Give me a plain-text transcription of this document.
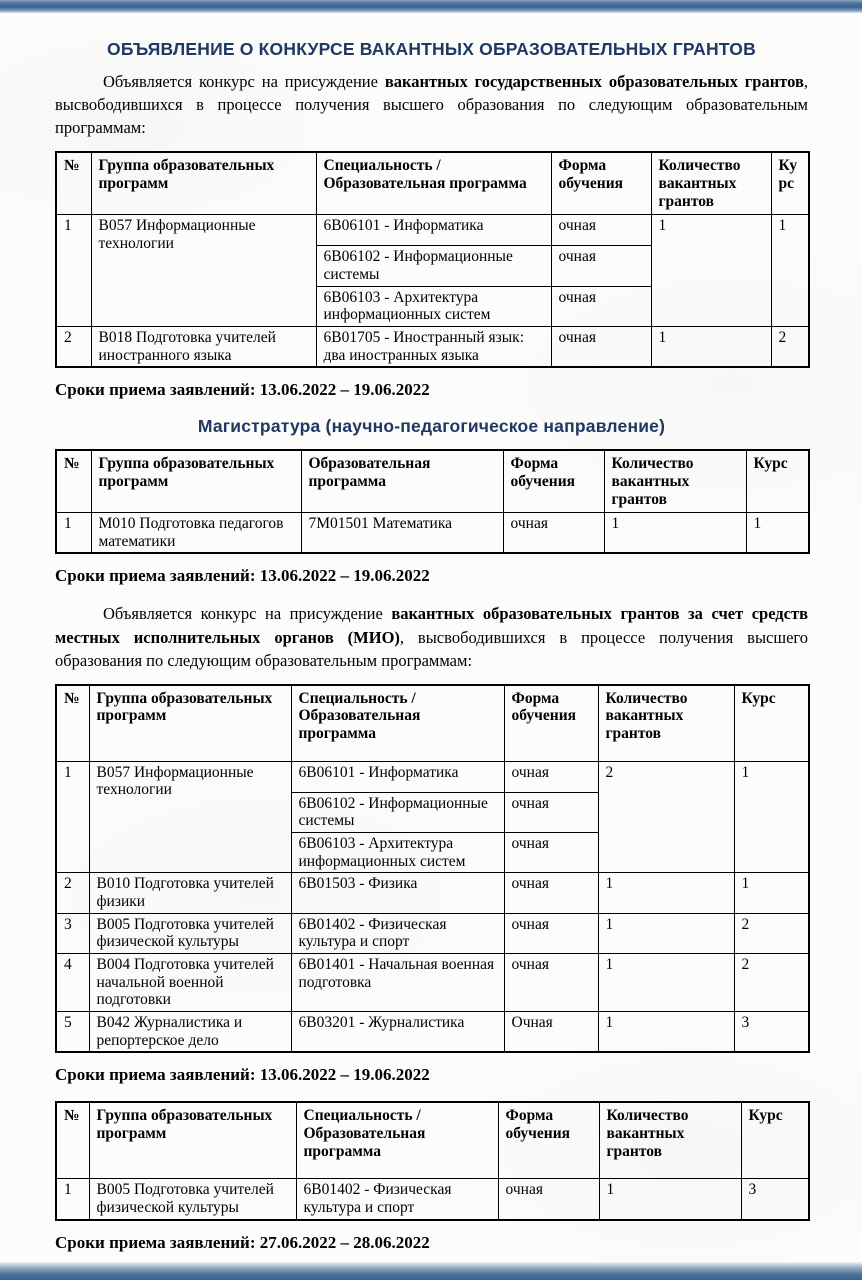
ОБЪЯВЛЕНИЕ О КОНКУРСЕ ВАКАНТНЫХ ОБРАЗОВАТЕЛЬНЫХ ГРАНТОВ

Объявляется конкурс на присуждение вакантных государственных образовательных грантов, высвободившихся в процессе получения высшего образования по следующим образовательным программам:

№	Группа образовательных программ	Специальность / Образовательная программа	Форма обучения	Количество вакантных грантов	Курс
1	B057 Информационные технологии	6B06101 - Информатика	очная	1	1
		6B06102 - Информационные системы	очная		
		6B06103 - Архитектура информационных систем	очная		
2	B018 Подготовка учителей иностранного языка	6B01705 - Иностранный язык: два иностранных языка	очная	1	2
Сроки приема заявлений: 13.06.2022 – 19.06.2022
Магистратура (научно-педагогическое направление)
№	Группа образовательных программ	Образовательная программа	Форма обучения	Количество вакантных грантов	Курс
1	M010 Подготовка педагогов математики	7M01501 Математика	очная	1	1
Сроки приема заявлений: 13.06.2022 – 19.06.2022

Объявляется конкурс на присуждение вакантных образовательных грантов за счет средств местных исполнительных органов (МИО), высвободившихся в процессе получения высшего образования по следующим образовательным программам:

№	Группа образовательных программ	Специальность / Образовательная программа	Форма обучения	Количество вакантных грантов	Курс
1	B057 Информационные технологии	6B06101 - Информатика	очная	2	1
		6B06102 - Информационные системы	очная		
		6B06103 - Архитектура информационных систем	очная		
2	B010 Подготовка учителей физики	6B01503 - Физика	очная	1	1
3	B005 Подготовка учителей физической культуры	6B01402 - Физическая культура и спорт	очная	1	2
4	B004 Подготовка учителей начальной военной подготовки	6B01401 - Начальная военная подготовка	очная	1	2
5	B042 Журналистика и репортерское дело	6B03201 - Журналистика	Очная	1	3
Сроки приема заявлений: 13.06.2022 – 19.06.2022
№	Группа образовательных программ	Специальность / Образовательная программа	Форма обучения	Количество вакантных грантов	Курс
1	B005 Подготовка учителей физической культуры	6B01402 - Физическая культура и спорт	очная	1	3
Сроки приема заявлений: 27.06.2022 – 28.06.2022
